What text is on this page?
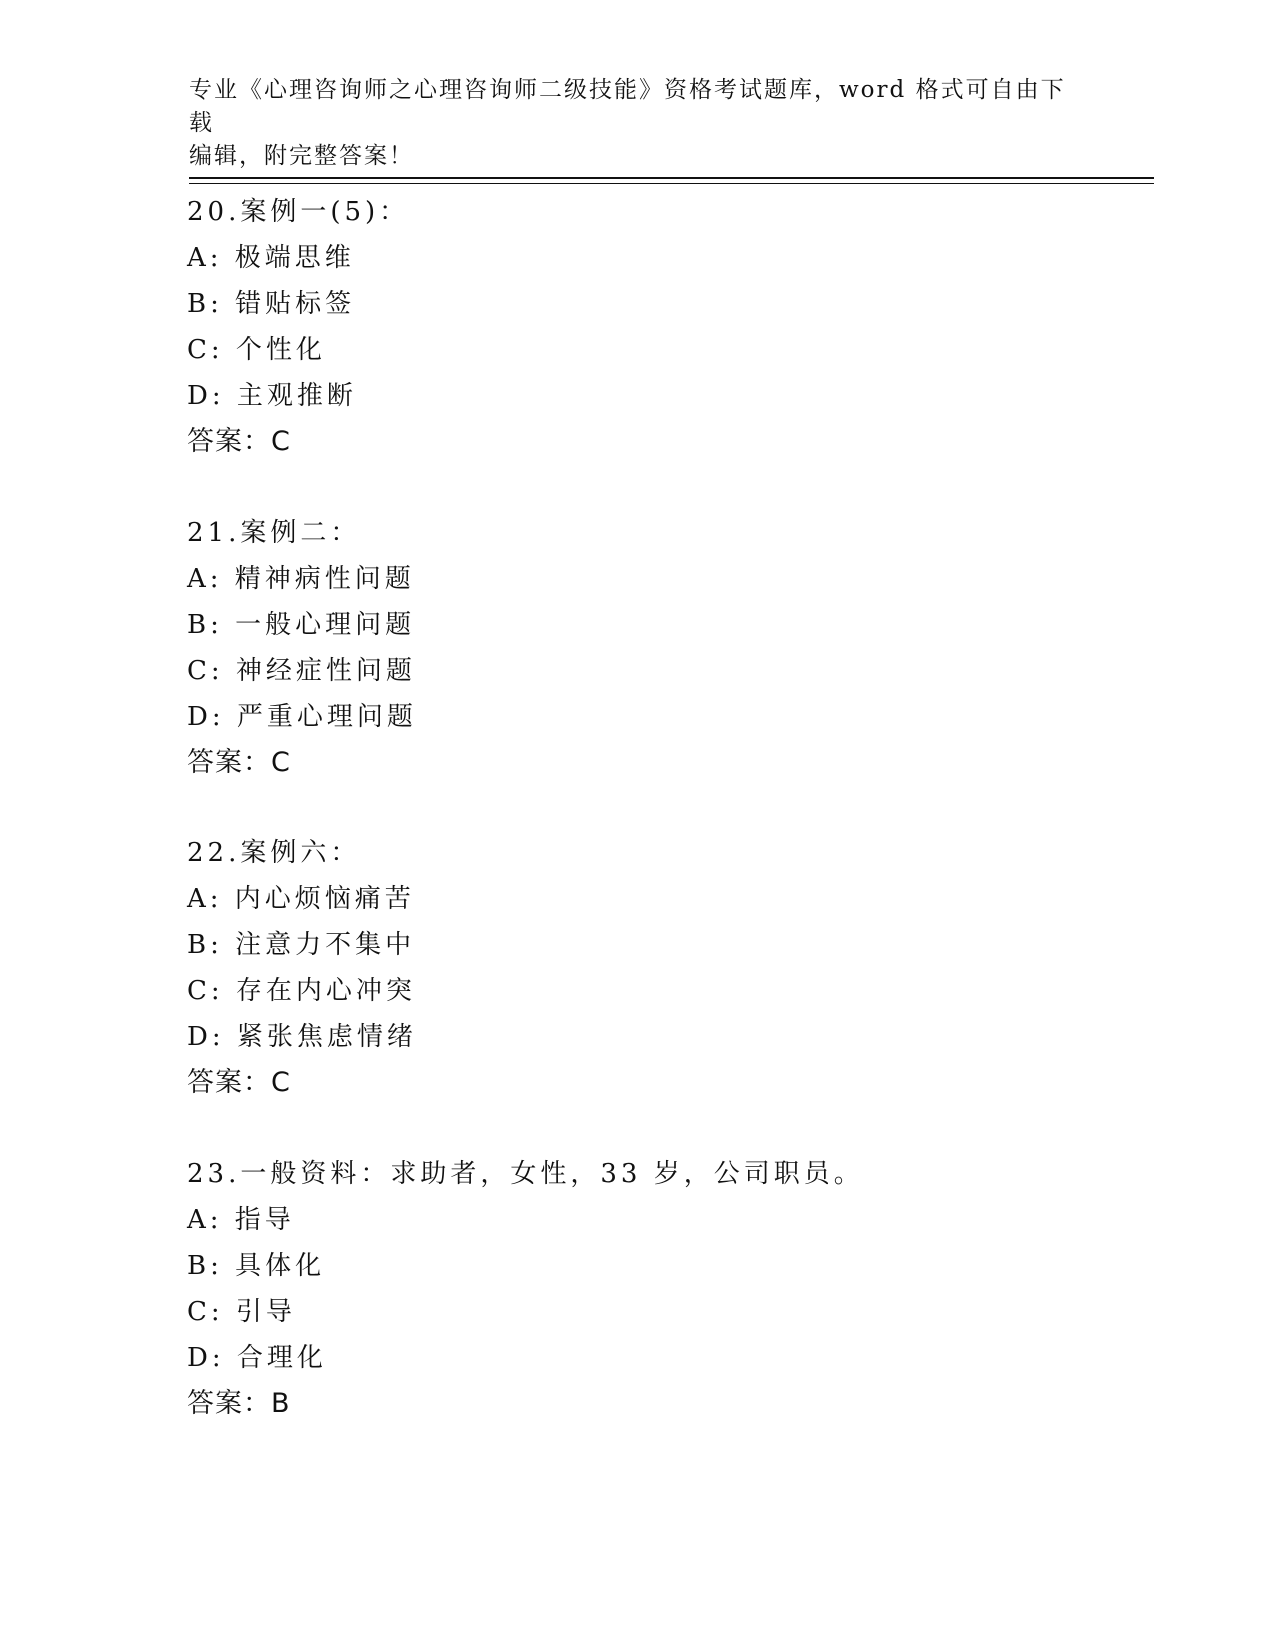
专业《心理咨询师之心理咨询师二级技能》资格考试题库，word 格式可自由下载
编辑，附完整答案！
20.案例一(5)：
A: 极端思维
B: 错贴标签
C: 个性化
D: 主观推断
答案：C
21.案例二：
A: 精神病性问题
B: 一般心理问题
C: 神经症性问题
D: 严重心理问题
答案：C
22.案例六：
A: 内心烦恼痛苦
B: 注意力不集中
C: 存在内心冲突
D: 紧张焦虑情绪
答案：C
23.一般资料：求助者，女性，33 岁，公司职员。
A: 指导
B: 具体化
C: 引导
D: 合理化
答案：B
